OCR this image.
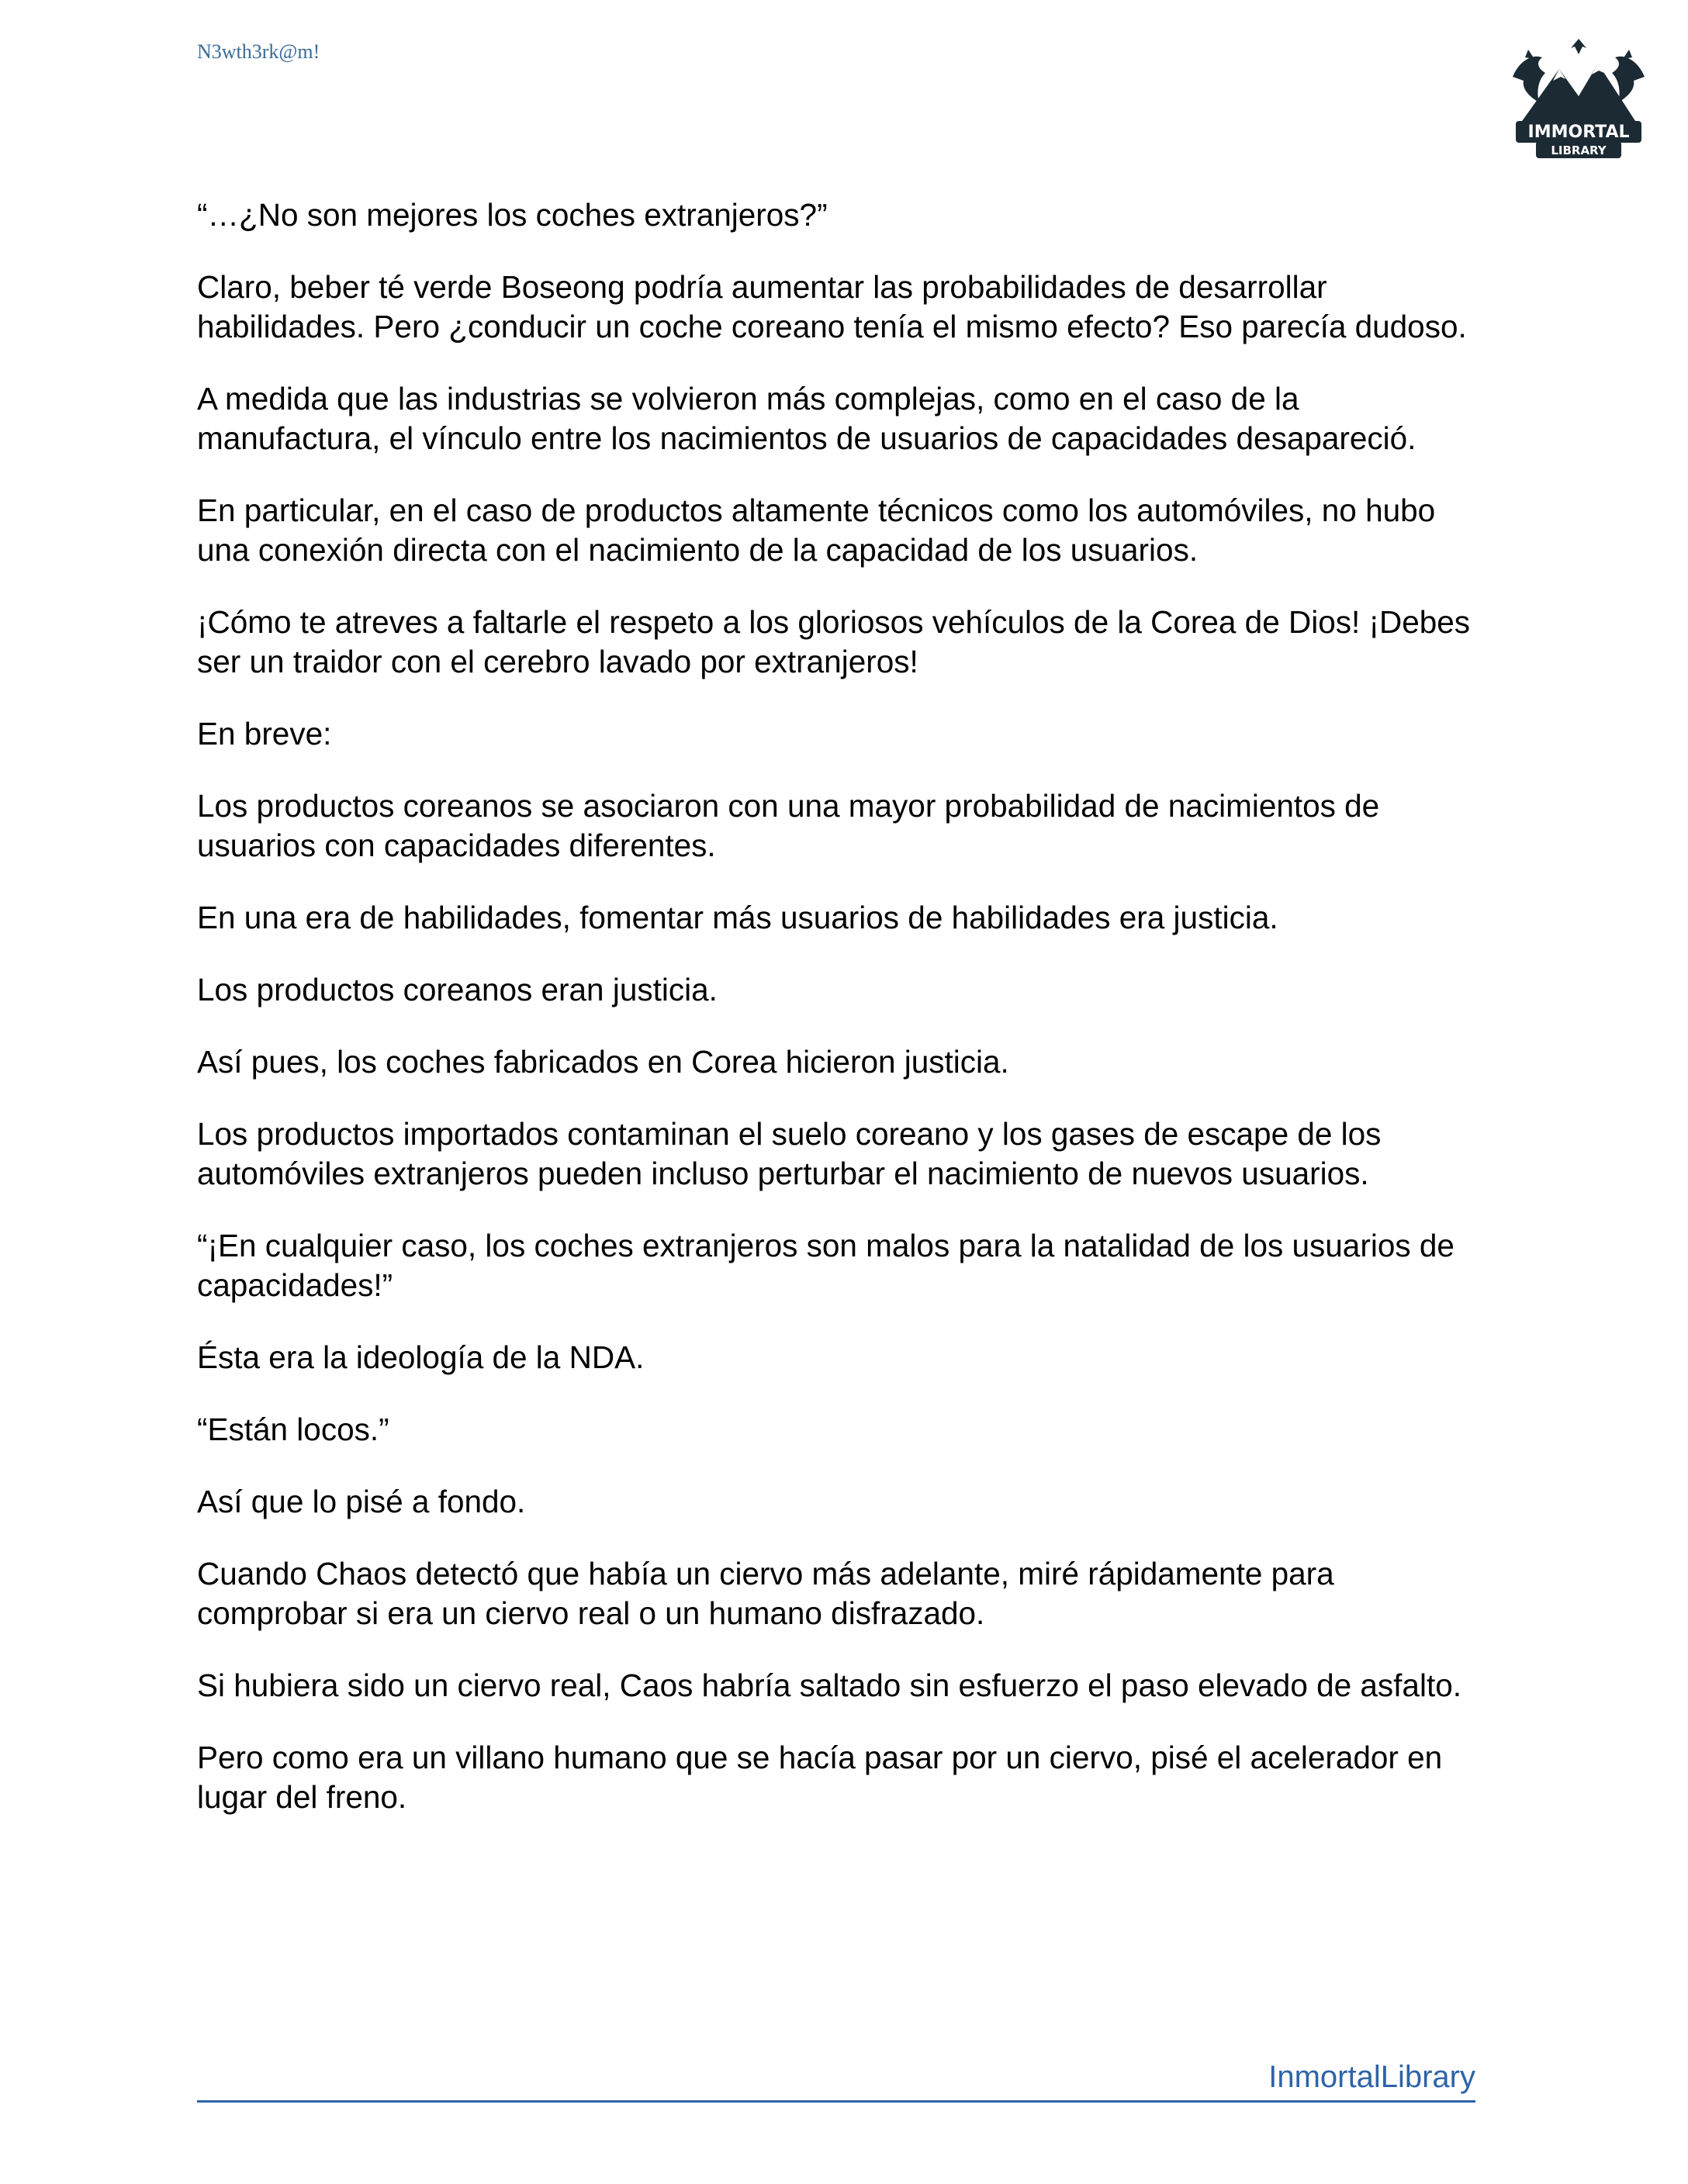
N3wth3rk@m!
IMMORTAL
LIBRARY

“…¿No son mejores los coches extranjeros?”

Claro, beber té verde Boseong podría aumentar las probabilidades de desarrollar habilidades. Pero ¿conducir un coche coreano tenía el mismo efecto? Eso parecía dudoso.

A medida que las industrias se volvieron más complejas, como en el caso de la manufactura, el vínculo entre los nacimientos de usuarios de capacidades desapareció.

En particular, en el caso de productos altamente técnicos como los automóviles, no hubo una conexión directa con el nacimiento de la capacidad de los usuarios.

¡Cómo te atreves a faltarle el respeto a los gloriosos vehículos de la Corea de Dios! ¡Debes ser un traidor con el cerebro lavado por extranjeros!

En breve:

Los productos coreanos se asociaron con una mayor probabilidad de nacimientos de usuarios con capacidades diferentes.

En una era de habilidades, fomentar más usuarios de habilidades era justicia.

Los productos coreanos eran justicia.

Así pues, los coches fabricados en Corea hicieron justicia.

Los productos importados contaminan el suelo coreano y los gases de escape de los automóviles extranjeros pueden incluso perturbar el nacimiento de nuevos usuarios.

“¡En cualquier caso, los coches extranjeros son malos para la natalidad de los usuarios de capacidades!”

Ésta era la ideología de la NDA.

“Están locos.”

Así que lo pisé a fondo.

Cuando Chaos detectó que había un ciervo más adelante, miré rápidamente para comprobar si era un ciervo real o un humano disfrazado.

Si hubiera sido un ciervo real, Caos habría saltado sin esfuerzo el paso elevado de asfalto.

Pero como era un villano humano que se hacía pasar por un ciervo, pisé el acelerador en lugar del freno.

InmortalLibrary
